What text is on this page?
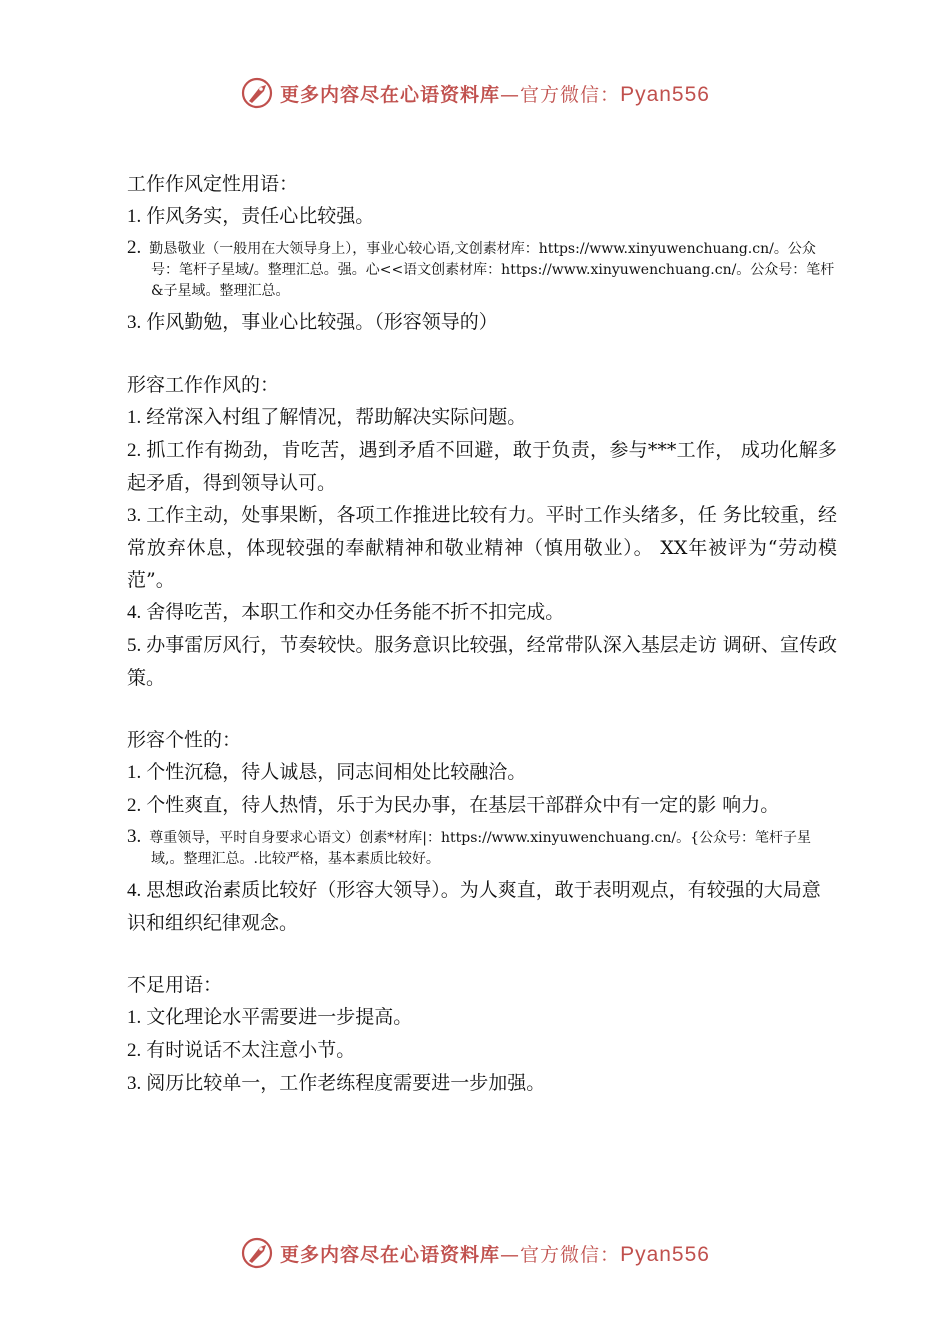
更多内容尽在心语资料库—官方微信：Pyan556
工作作风定性用语：
1. 作风务实，责任心比较强。
2. 勤恳敬业（一般用在大领导身上），事业心较心语,文创素材库：https://www.xinyuwenchuang.cn/。公众号：笔杆子星域/。整理汇总。强。心<<语文创素材库：https://www.xinyuwenchuang.cn/。公众号：笔杆&子星域。整理汇总。
3. 作风勤勉，事业心比较强。（形容领导的）
形容工作作风的：
1. 经常深入村组了解情况，帮助解决实际问题。
2. 抓工作有拗劲，肯吃苦，遇到矛盾不回避，敢于负责，参与***工作， 成功化解多起矛盾，得到领导认可。
3. 工作主动，处事果断，各项工作推进比较有力。平时工作头绪多，任 务比较重，经常放弃休息，体现较强的奉献精神和敬业精神（慎用敬业）。 XX年被评为“劳动模范”。
4. 舍得吃苦，本职工作和交办任务能不折不扣完成。
5. 办事雷厉风行，节奏较快。服务意识比较强，经常带队深入基层走访 调研、宣传政策。
形容个性的：
1. 个性沉稳，待人诚恳，同志间相处比较融洽。
2. 个性爽直，待人热情，乐于为民办事，在基层干部群众中有一定的影 响力。
3. 尊重领导，平时自身要求心语文）创素*材库|：https://www.xinyuwenchuang.cn/。{公众号：笔杆子星域,。整理汇总。.比较严格，基本素质比较好。
4. 思想政治素质比较好（形容大领导）。为人爽直，敢于表明观点，有较强的大局意识和组织纪律观念。
不足用语：
1. 文化理论水平需要进一步提高。
2. 有时说话不太注意小节。
3. 阅历比较单一，工作老练程度需要进一步加强。
更多内容尽在心语资料库—官方微信：Pyan556
